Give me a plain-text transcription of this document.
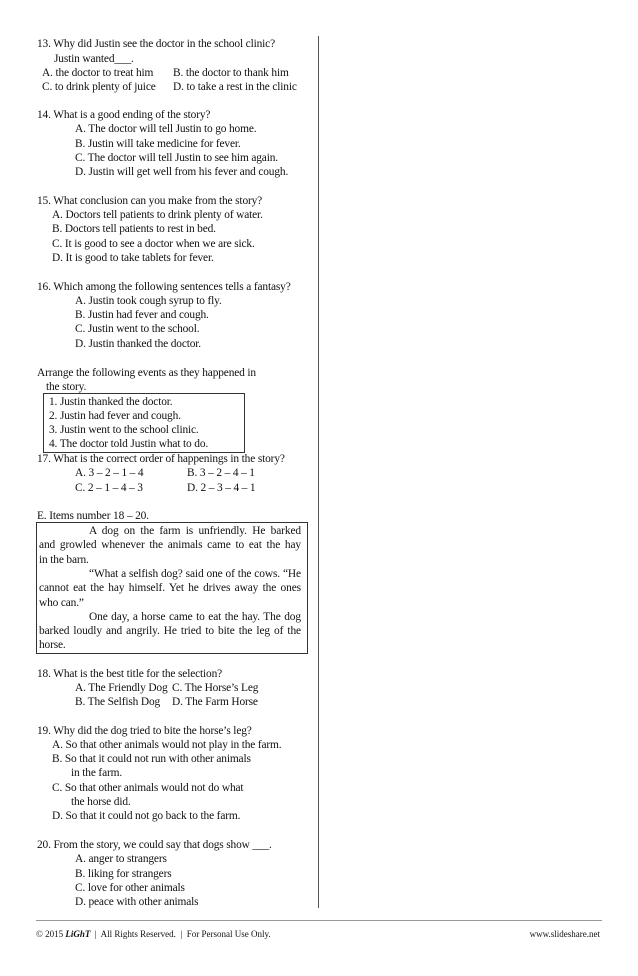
13. Why did Justin see the doctor in the school clinic?
Justin wanted___.
A. the doctor to treat him B. the doctor to thank him
C. to drink plenty of juice D. to take a rest in the clinic
14. What is a good ending of the story?
A. The doctor will tell Justin to go home.
B. Justin will take medicine for fever.
C. The doctor will tell Justin to see him again.
D. Justin will get well from his fever and cough.
15. What conclusion can you make from the story?
A. Doctors tell patients to drink plenty of water.
B. Doctors tell patients to rest in bed.
C. It is good to see a doctor when we are sick.
D. It is good to take tablets for fever.
16. Which among the following sentences tells a fantasy?
A. Justin took cough syrup to fly.
B. Justin had fever and cough.
C. Justin went to the school.
D. Justin thanked the doctor.
Arrange the following events as they happened in
the story.
1. Justin thanked the doctor.
2. Justin had fever and cough.
3. Justin went to the school clinic.
4. The doctor told Justin what to do.
17. What is the correct order of happenings in the story?
A. 3 – 2 – 1 – 4	B. 3 – 2 – 4 – 1
C. 2 – 1 – 4 – 3	D. 2 – 3 – 4 – 1
E. Items number 18 – 20.
A dog on the farm is unfriendly. He barked
and growled whenever the animals came to eat the hay
in the barn.
“What a selfish dog? said one of the cows. “He
cannot eat the hay himself. Yet he drives away the ones
who can.”
One day, a horse came to eat the hay. The dog
barked loudly and angrily. He tried to bite the leg of the
horse.
18. What is the best title for the selection?
A. The Friendly Dog C. The Horse’s Leg
B. The Selfish Dog D. The Farm Horse
19. Why did the dog tried to bite the horse’s leg?
A. So that other animals would not play in the farm.
B. So that it could not run with other animals
in the farm.
C. So that other animals would not do what
the horse did.
D. So that it could not go back to the farm.
20. From the story, we could say that dogs show ___.
A. anger to strangers
B. liking for strangers
C. love for other animals
D. peace with other animals
© 2015 LiGhT  |  All Rights Reserved.  |  For Personal Use Only.	www.slideshare.net
